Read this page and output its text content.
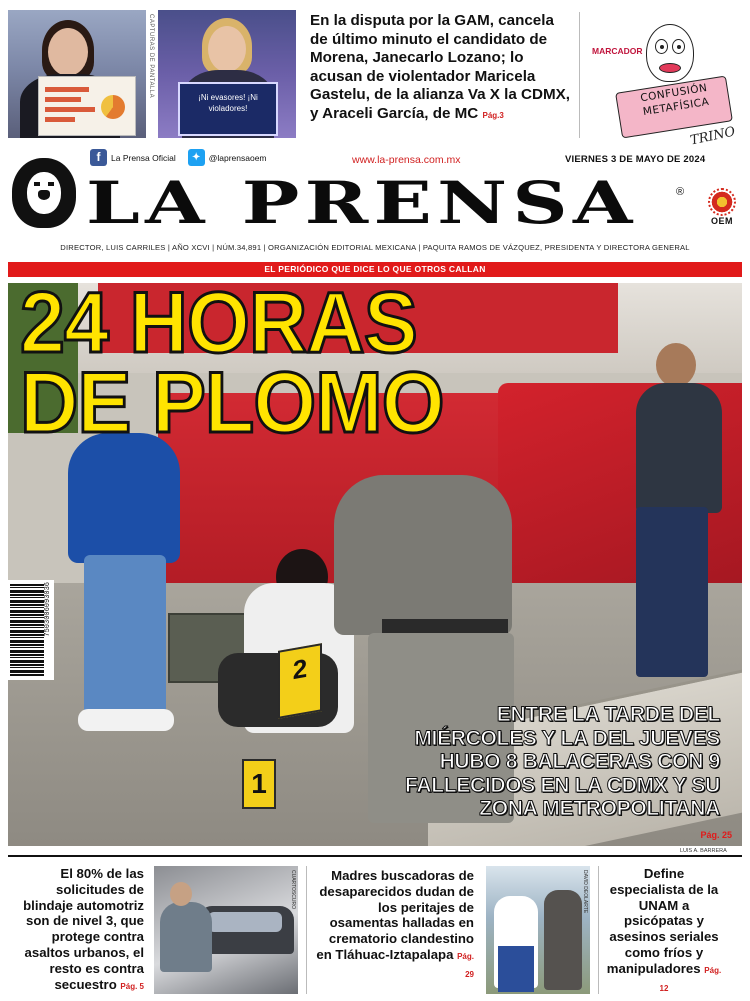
CAPTURAS DE PANTALLA	¡Ni evasores! ¡Ni violadores!
En la disputa por la GAM, cancela de último minuto el candidato de Morena, Janecarlo Lozano; lo acusan de violentador Maricela Gastelu, de la alianza Va X la CDMX, y Araceli García, de MC Pág.3
MARCADOR
CONFUSIÓN METAFÍSICA
TRINO
f	La Prensa Oficial	✦ @laprensaoem	www.la-prensa.com.mx	VIERNES 3 DE MAYO DE 2024
LA PRENSA	®
OEM
DIRECTOR, LUIS CARRILES | AÑO XCVI | NÚM.34,891 | ORGANIZACIÓN EDITORIAL MEXICANA | PAQUITA RAMOS DE VÁZQUEZ, PRESIDENTA Y DIRECTORA GENERAL
EL PERIÓDICO QUE DICE LO QUE OTROS CALLAN
2
1
24 HORAS
DE PLOMO
ENTRE LA TARDE DEL MIÉRCOLES Y LA DEL JUEVES HUBO 8 BALACERAS CON 9 FALLECIDOS EN LA CDMX Y SU ZONA METROPOLITANA
Pág. 25
7503006093036
LUIS A. BARRERA
El 80% de las solicitudes de blindaje automotriz son de nivel 3, que protege contra asaltos urbanos, el resto es contra secuestro Pág. 5
CUARTOSCURO	Madres buscadoras de desaparecidos dudan de los peritajes de osamentas halladas en crematorio clandestino en Tláhuac-Iztapalapa Pág. 29
DAVID DEOLARTE	Define especialista de la UNAM a psicópatas y asesinos seriales como fríos y manipuladores Pág. 12
